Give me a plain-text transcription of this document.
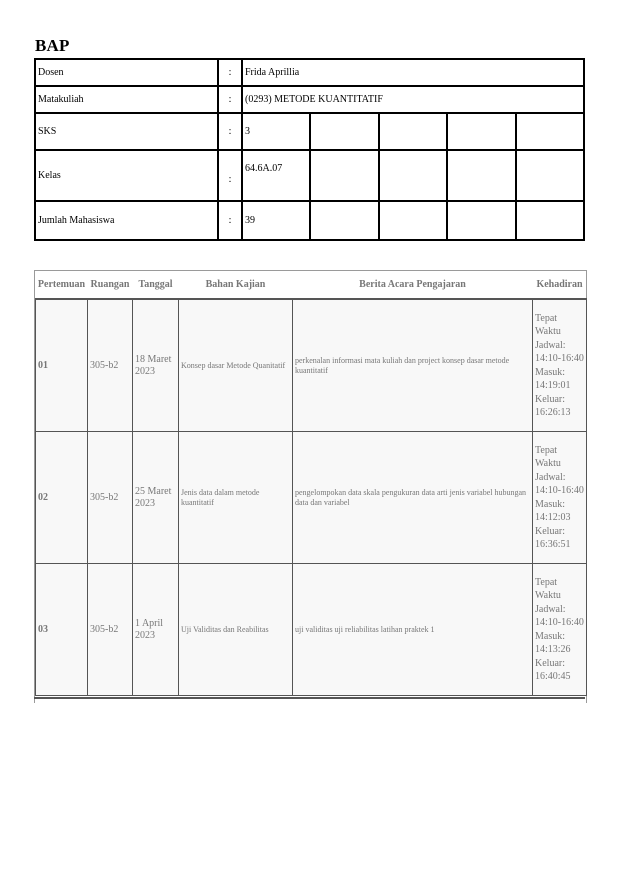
BAP
Dosen	:	Frida Aprillia				
Matakuliah	:	(0293) METODE KUANTITATIF				
SKS	:	3				
Kelas	:	64.6A.07				
Jumlah Mahasiswa	:	39				
Pertemuan	Ruangan	Tanggal	Bahan Kajian	Berita Acara Pengajaran	Kehadiran
01	305-b2	18 Maret 2023	Konsep dasar Metode Quanitatif	perkenalan informasi mata kuliah dan project konsep dasar metode kuantitatif	Tepat Waktu Jadwal: 14:10-16:40 Masuk: 14:19:01 Keluar: 16:26:13
02	305-b2	25 Maret 2023	Jenis data dalam metode kuantitatif	pengelompokan data skala pengukuran data arti jenis variabel hubungan data dan variabel	Tepat Waktu Jadwal: 14:10-16:40 Masuk: 14:12:03 Keluar: 16:36:51
03	305-b2	1 April 2023	Uji Validitas dan Reabilitas	uji validitas uji reliabilitas latihan praktek 1	Tepat Waktu Jadwal: 14:10-16:40 Masuk: 14:13:26 Keluar: 16:40:45
